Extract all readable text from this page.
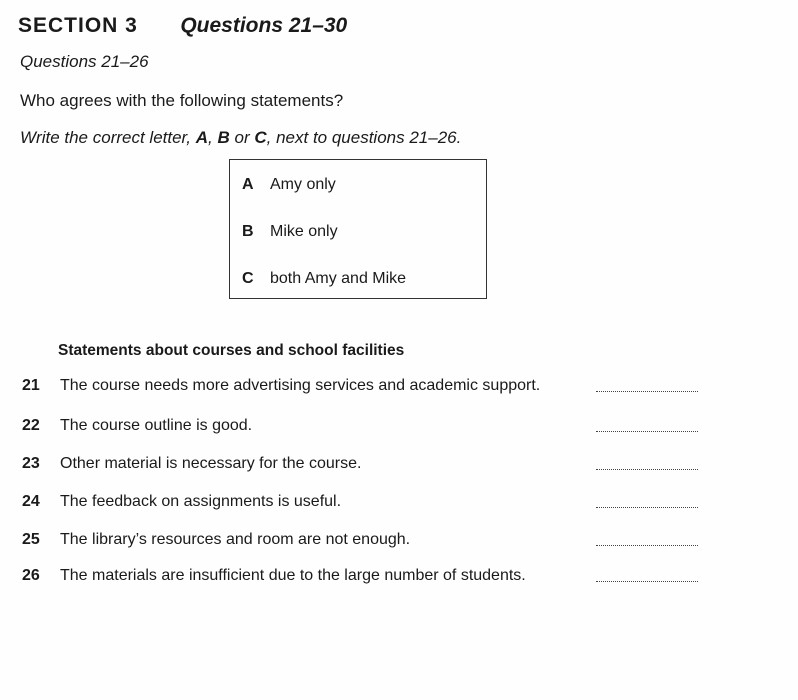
SECTION 3 Questions 21–30
Questions 21–26
Who agrees with the following statements?
Write the correct letter, A, B or C, next to questions 21–26.
A Amy only
B Mike only
C both Amy and Mike
Statements about courses and school facilities
21 The course needs more advertising services and academic support.
22 The course outline is good.
23 Other material is necessary for the course.
24 The feedback on assignments is useful.
25 The library’s resources and room are not enough.
26 The materials are insufficient due to the large number of students.
